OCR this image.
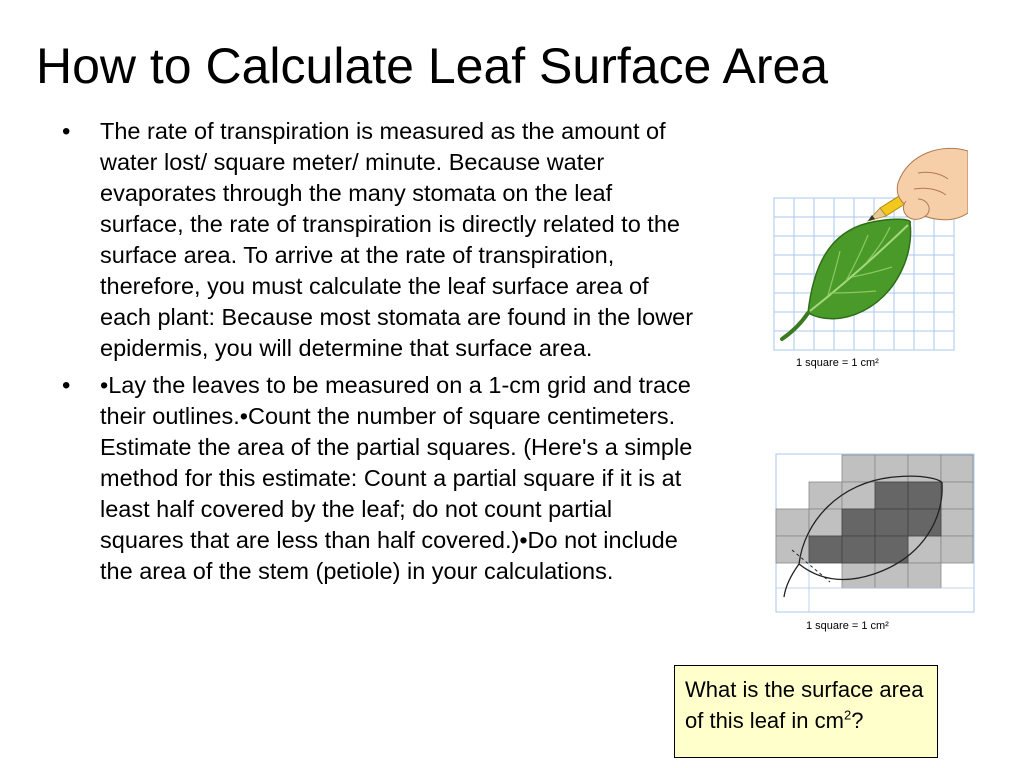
How to Calculate Leaf Surface Area
• The rate of transpiration is measured as the amount of water lost/ square meter/ minute. Because water evaporates through the many stomata on the leaf surface, the rate of transpiration is directly related to the surface area. To arrive at the rate of transpiration, therefore, you must calculate the leaf surface area of each plant: Because most stomata are found in the lower epidermis, you will determine that surface area.
• •Lay the leaves to be measured on a 1-cm grid and trace their outlines.•Count the number of square centimeters. Estimate the area of the partial squares. (Here's a simple method for this estimate: Count a partial square if it is at least half covered by the leaf; do not count partial squares that are less than half covered.)•Do not include the area of the stem (petiole) in your calculations.
1 square = 1 cm²
1 square = 1 cm²

What is the surface area of this leaf in $cm^2$?
